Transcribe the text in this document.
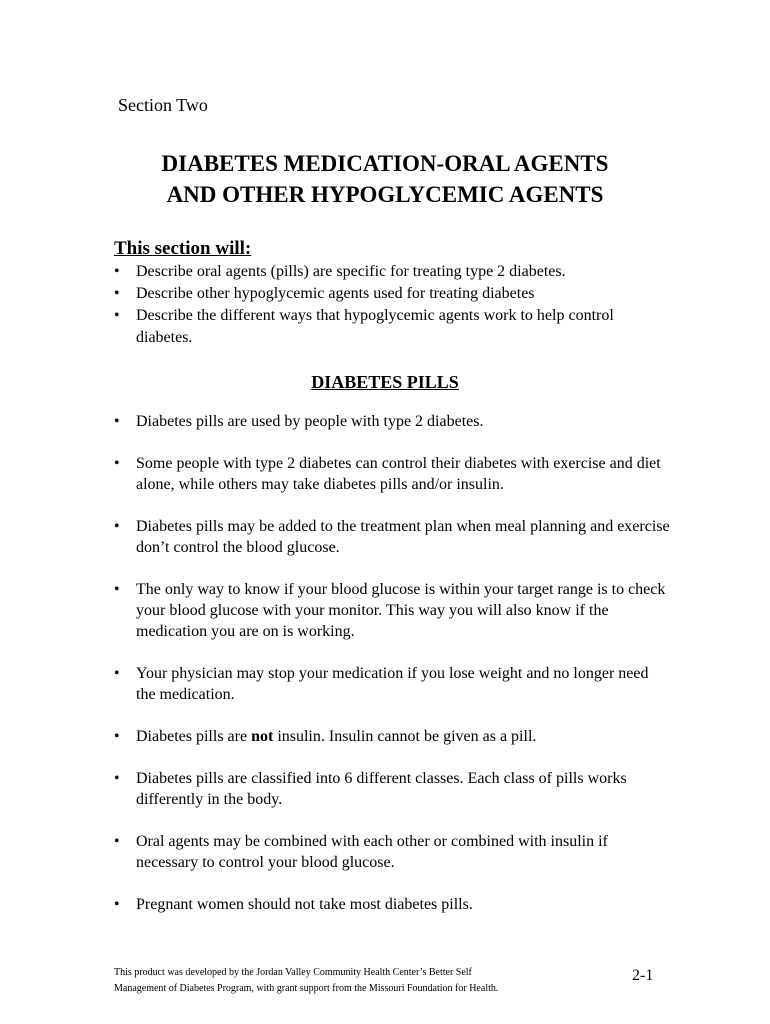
Section Two
DIABETES MEDICATION-ORAL AGENTS
AND OTHER HYPOGLYCEMIC AGENTS
This section will:
•	Describe oral agents (pills) are specific for treating type 2 diabetes.
•	Describe other hypoglycemic agents used for treating diabetes
•	Describe the different ways that hypoglycemic agents work to help control diabetes.
DIABETES PILLS
•	Diabetes pills are used by people with type 2 diabetes.
•	Some people with type 2 diabetes can control their diabetes with exercise and diet alone, while others may take diabetes pills and/or insulin.
•	Diabetes pills may be added to the treatment plan when meal planning and exercise don’t control the blood glucose.
•	The only way to know if your blood glucose is within your target range is to check your blood glucose with your monitor. This way you will also know if the medication you are on is working.
•	Your physician may stop your medication if you lose weight and no longer need the medication.
•	Diabetes pills are not insulin. Insulin cannot be given as a pill.
•	Diabetes pills are classified into 6 different classes. Each class of pills works differently in the body.
•	Oral agents may be combined with each other or combined with insulin if necessary to control your blood glucose.
•	Pregnant women should not take most diabetes pills.
This product was developed by the Jordan Valley Community Health Center’s Better Self
Management of Diabetes Program, with grant support from the Missouri Foundation for Health.
2-1
